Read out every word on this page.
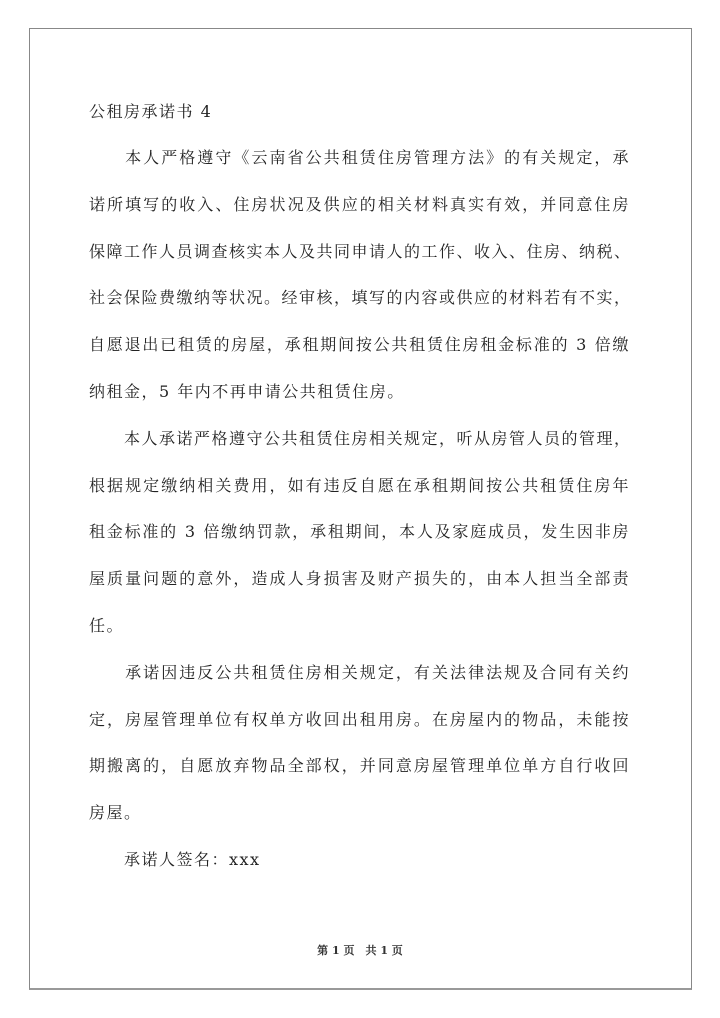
公租房承诺书 4
　　本人严格遵守《云南省公共租赁住房管理方法》的有关规定，承
诺所填写的收入、住房状况及供应的相关材料真实有效，并同意住房
保障工作人员调查核实本人及共同申请人的工作、收入、住房、纳税、
社会保险费缴纳等状况。经审核，填写的内容或供应的材料若有不实，
自愿退出已租赁的房屋，承租期间按公共租赁住房租金标准的 3 倍缴
纳租金，5 年内不再申请公共租赁住房。
　　本人承诺严格遵守公共租赁住房相关规定，听从房管人员的管理，
根据规定缴纳相关费用，如有违反自愿在承租期间按公共租赁住房年
租金标准的 3 倍缴纳罚款，承租期间，本人及家庭成员，发生因非房
屋质量问题的意外，造成人身损害及财产损失的，由本人担当全部责
任。
　　承诺因违反公共租赁住房相关规定，有关法律法规及合同有关约
定，房屋管理单位有权单方收回出租用房。在房屋内的物品，未能按
期搬离的，自愿放弃物品全部权，并同意房屋管理单位单方自行收回
房屋。
　　承诺人签名：xxx
第 1 页　共 1 页
